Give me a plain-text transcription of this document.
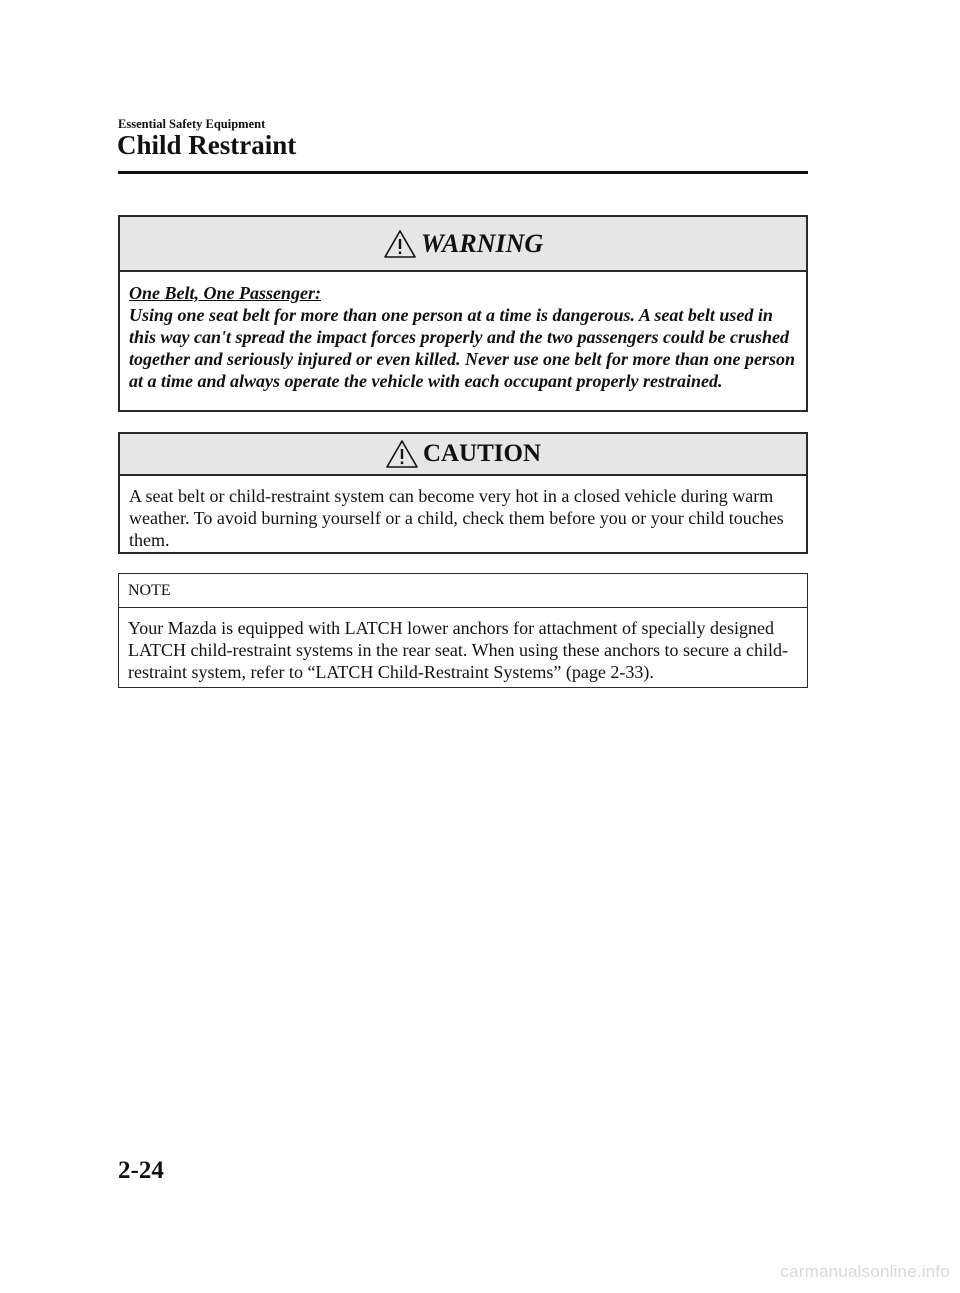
Essential Safety Equipment
Child Restraint
WARNING
One Belt, One Passenger:
Using one seat belt for more than one person at a time is dangerous. A seat belt used in this way can't spread the impact forces properly and the two passengers could be crushed together and seriously injured or even killed. Never use one belt for more than one person at a time and always operate the vehicle with each occupant properly restrained.
CAUTION
A seat belt or child-restraint system can become very hot in a closed vehicle during warm weather. To avoid burning yourself or a child, check them before you or your child touches them.
NOTE
Your Mazda is equipped with LATCH lower anchors for attachment of specially designed LATCH child-restraint systems in the rear seat. When using these anchors to secure a child-restraint system, refer to “LATCH Child-Restraint Systems” (page 2-33).
2-24
carmanualsonline.info
